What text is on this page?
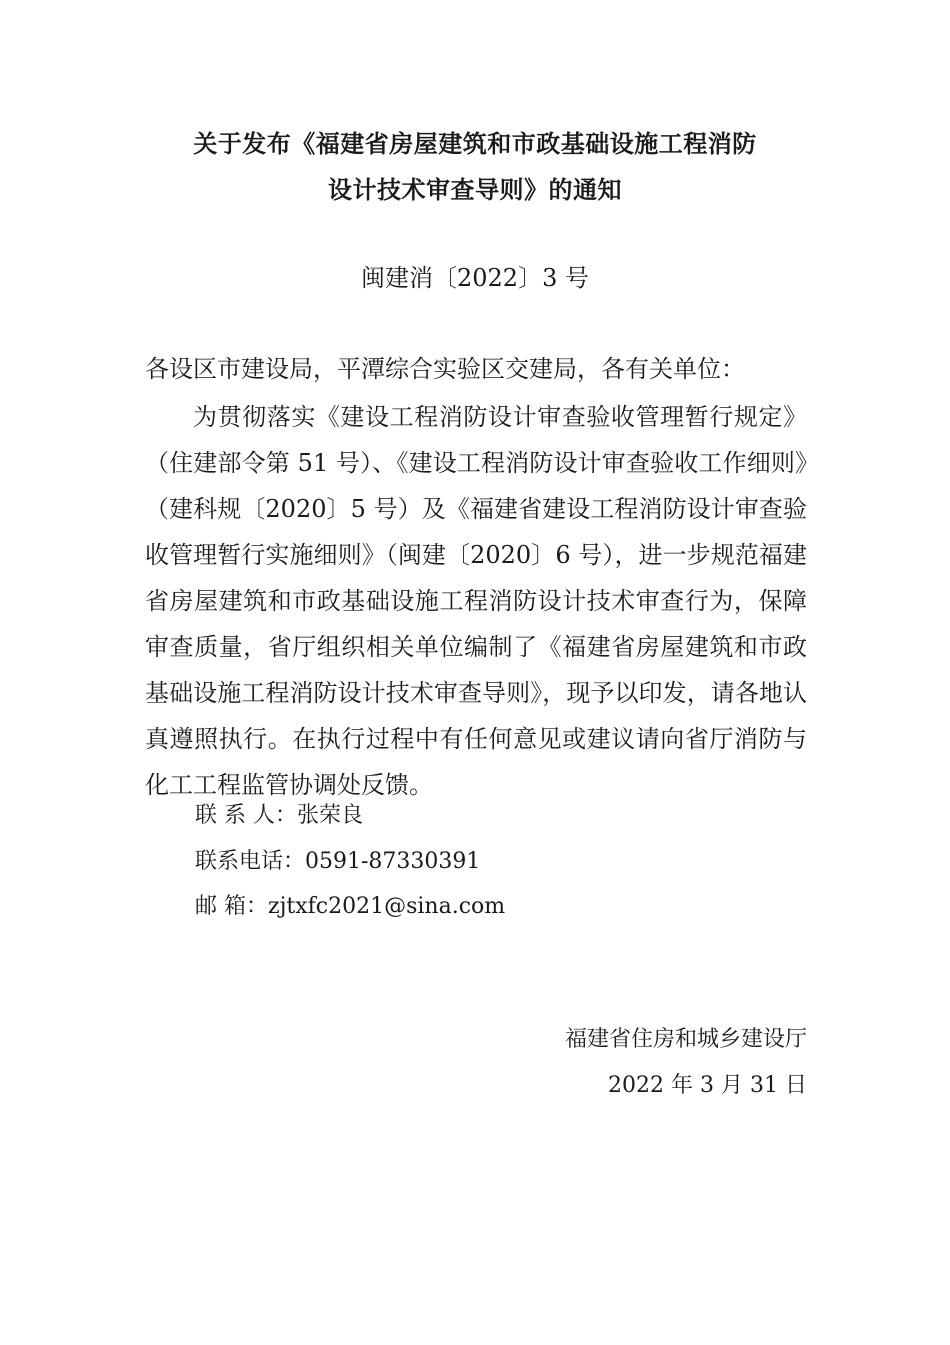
关于发布《福建省房屋建筑和市政基础设施工程消防
设计技术审查导则》的通知
闽建消〔2022〕3 号
各设区市建设局，平潭综合实验区交建局，各有关单位：

为贯彻落实《建设工程消防设计审查验收管理暂行规定》（住建部令第 51 号）、《建设工程消防设计审查验收工作细则》（建科规〔2020〕5 号）及《福建省建设工程消防设计审查验收管理暂行实施细则》（闽建〔2020〕6 号），进一步规范福建省房屋建筑和市政基础设施工程消防设计技术审查行为，保障审查质量，省厅组织相关单位编制了《福建省房屋建筑和市政基础设施工程消防设计技术审查导则》，现予以印发，请各地认真遵照执行。在执行过程中有任何意见或建议请向省厅消防与化工工程监管协调处反馈。

联 系 人：张荣良
联系电话：0591-87330391
邮 箱：zjtxfc2021@sina.com
福建省住房和城乡建设厅
2022 年 3 月 31 日
